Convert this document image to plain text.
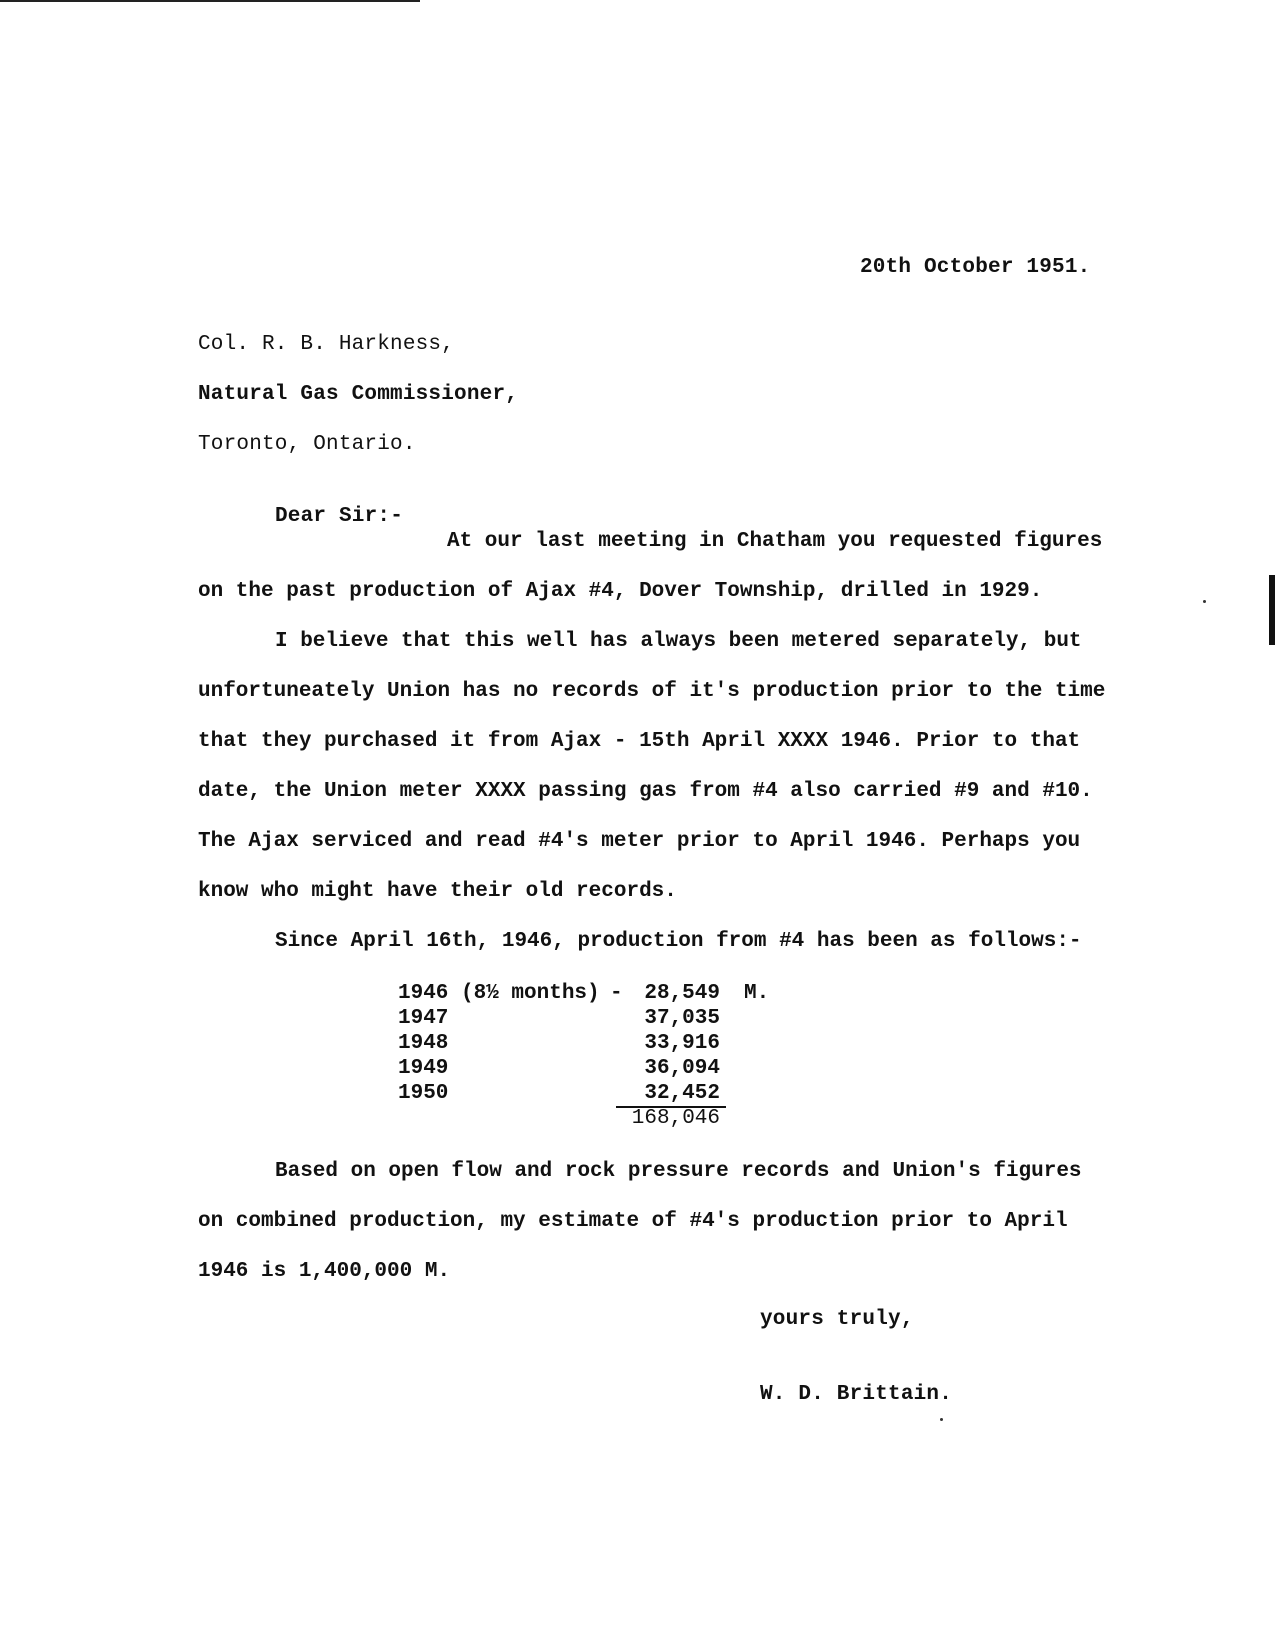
20th October 1951.
Col. R. B. Harkness,
Natural Gas Commissioner,
Toronto, Ontario.
Dear Sir:-
At our last meeting in Chatham you requested figures
on the past production of Ajax #4, Dover Township, drilled in 1929.
I believe that this well has always been metered separately, but
unfortuneately Union has no records of it's production prior to the time
that they purchased it from Ajax - 15th April XXXX 1946. Prior to that
date, the Union meter XXXX passing gas from #4 also carried #9 and #10.
The Ajax serviced and read #4's meter prior to April 1946. Perhaps you
know who might have their old records.
Since April 16th, 1946, production from #4 has been as follows:-
1946 (8½ months) -	28,549 M.
1947	37,035
1948	33,916
1949	36,094
1950	32,452
168,046
Based on open flow and rock pressure records and Union's figures
on combined production, my estimate of #4's production prior to April
1946 is 1,400,000 M.
yours truly,
W. D. Brittain.
